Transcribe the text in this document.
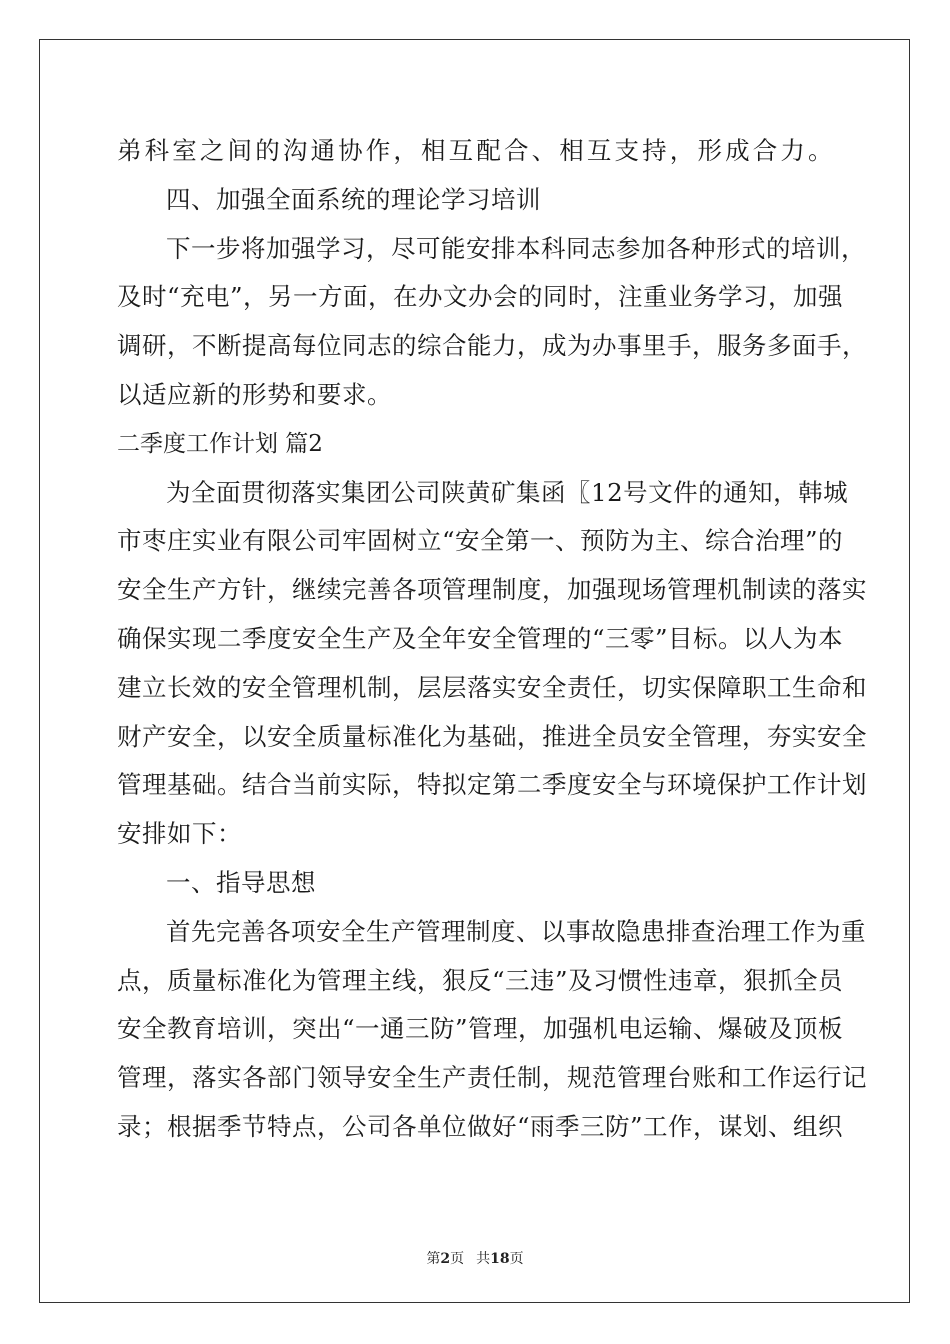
弟科室之间的沟通协作，相互配合、相互支持，形成合力。
四、加强全面系统的理论学习培训
下一步将加强学习，尽可能安排本科同志参加各种形式的培训，
及时“充电”，另一方面，在办文办会的同时，注重业务学习，加强
调研，不断提高每位同志的综合能力，成为办事里手，服务多面手，
以适应新的形势和要求。
二季度工作计划 篇2
为全面贯彻落实集团公司陕黄矿集函〖12号文件的通知，韩城
市枣庄实业有限公司牢固树立“安全第一、预防为主、综合治理”的
安全生产方针，继续完善各项管理制度，加强现场管理机制读的落实
确保实现二季度安全生产及全年安全管理的“三零”目标。以人为本
建立长效的安全管理机制，层层落实安全责任，切实保障职工生命和
财产安全，以安全质量标准化为基础，推进全员安全管理，夯实安全
管理基础。结合当前实际，特拟定第二季度安全与环境保护工作计划
安排如下：
一、指导思想
首先完善各项安全生产管理制度、以事故隐患排查治理工作为重
点，质量标准化为管理主线，狠反“三违”及习惯性违章，狠抓全员
安全教育培训，突出“一通三防”管理，加强机电运输、爆破及顶板
管理，落实各部门领导安全生产责任制，规范管理台账和工作运行记
录；根据季节特点，公司各单位做好“雨季三防”工作，谋划、组织
第2页 共18页
